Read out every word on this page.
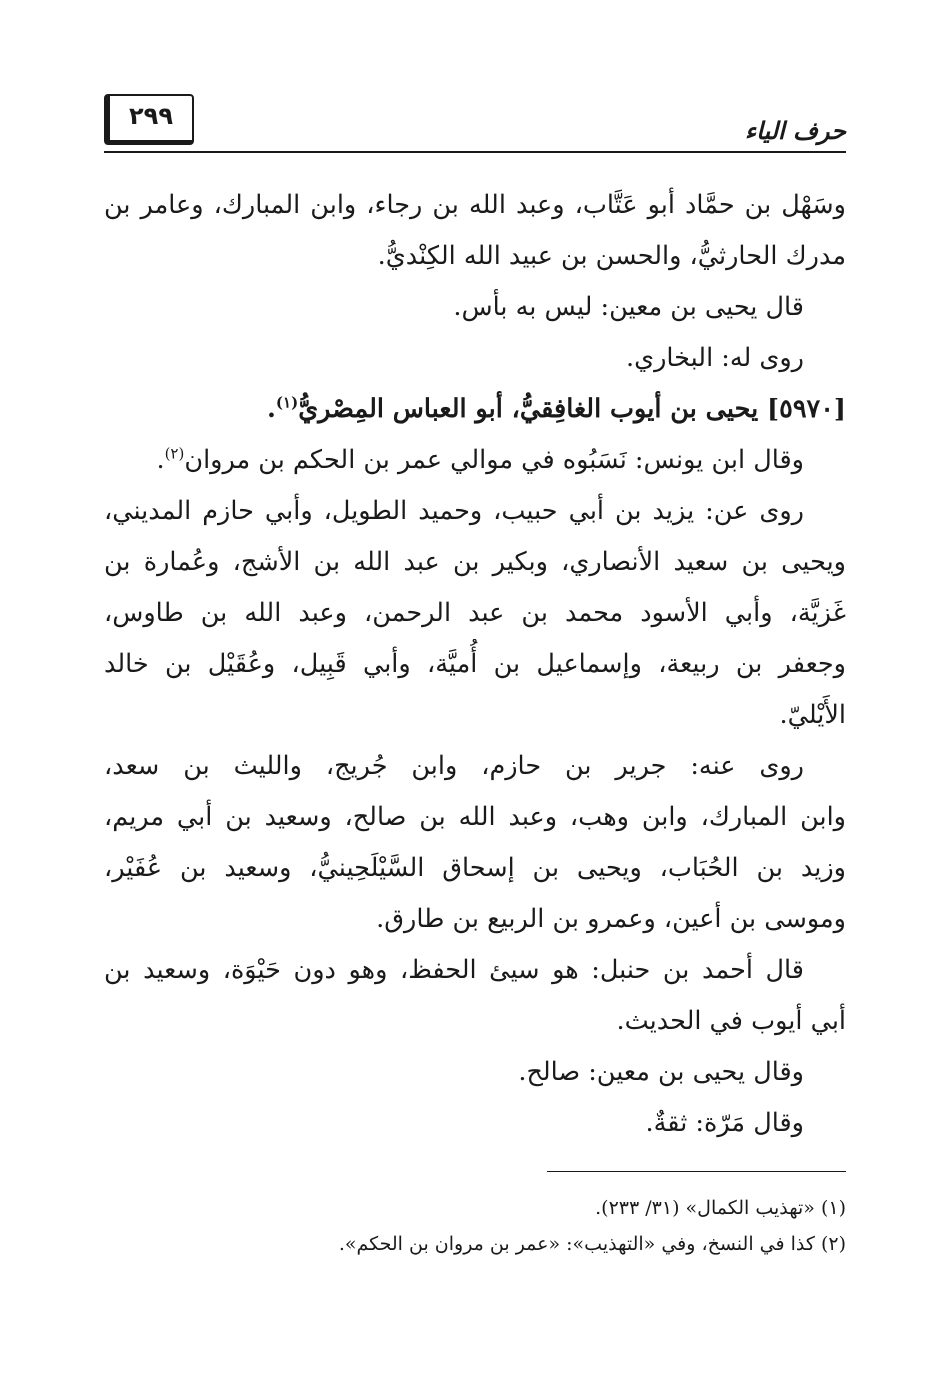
حرف الياء
٢٩٩
وسَهْل بن حمَّاد أبو عَتَّاب، وعبد الله بن رجاء، وابن المبارك، وعامر بن
مدرك الحارثيُّ، والحسن بن عبيد الله الكِنْديُّ.
قال يحيى بن معين: ليس به بأس.
روى له: البخاري.
[٥٩٧٠] يحيى بن أيوب الغافِقيُّ، أبو العباس المِصْريُّ$^{(١)}$.
وقال ابن يونس: نَسَبُوه في موالي عمر بن الحكم بن مروان$^{(٢)}$.
روى عن: يزيد بن أبي حبيب، وحميد الطويل، وأبي حازم المديني،
ويحيى بن سعيد الأنصاري، وبكير بن عبد الله بن الأشج، وعُمارة بن
غَزيَّة، وأبي الأسود محمد بن عبد الرحمن، وعبد الله بن طاوس،
وجعفر بن ربيعة، وإسماعيل بن أُميَّة، وأبي قَبِيل، وعُقَيْل بن خالد
الأَيْليّ.
روى عنه: جرير بن حازم، وابن جُريج، والليث بن سعد،
وابن المبارك، وابن وهب، وعبد الله بن صالح، وسعيد بن أبي مريم،
وزيد بن الحُبَاب، ويحيى بن إسحاق السَّيْلَحِينيُّ، وسعيد بن عُفَيْر،
وموسى بن أعين، وعمرو بن الربيع بن طارق.
قال أحمد بن حنبل: هو سيئ الحفظ، وهو دون حَيْوَة، وسعيد بن
أبي أيوب في الحديث.
وقال يحيى بن معين: صالح.
وقال مَرّة: ثقةٌ.
(١) «تهذيب الكمال» (٣١/ ٢٣٣).
(٢) كذا في النسخ، وفي «التهذيب»: «عمر بن مروان بن الحكم».
